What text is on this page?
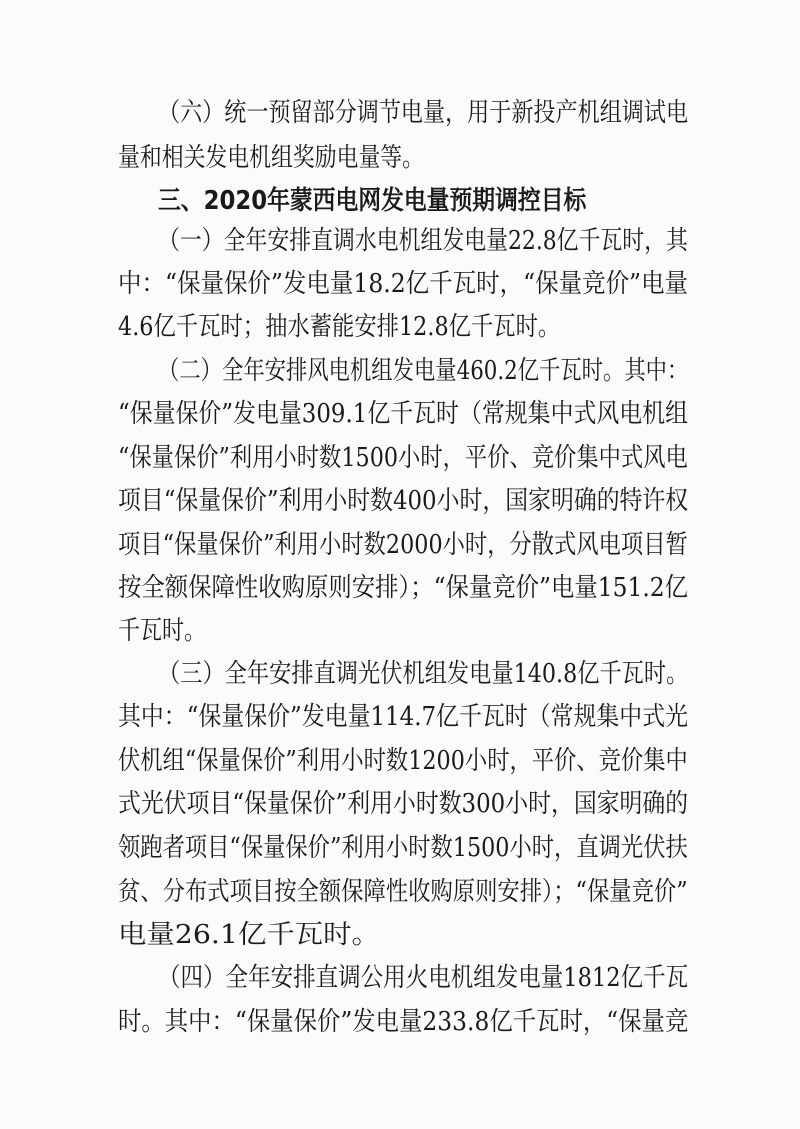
（六）统一预留部分调节电量，用于新投产机组调试电
量和相关发电机组奖励电量等。
三、2020年蒙西电网发电量预期调控目标
（一）全年安排直调水电机组发电量22.8亿千瓦时，其
中：“保量保价”发电量18.2亿千瓦时，“保量竞价”电量
4.6亿千瓦时；抽水蓄能安排12.8亿千瓦时。
（二）全年安排风电机组发电量460.2亿千瓦时。其中：
“保量保价”发电量309.1亿千瓦时（常规集中式风电机组
“保量保价”利用小时数1500小时，平价、竞价集中式风电
项目“保量保价”利用小时数400小时，国家明确的特许权
项目“保量保价”利用小时数2000小时，分散式风电项目暂
按全额保障性收购原则安排）；“保量竞价”电量151.2亿
千瓦时。
（三）全年安排直调光伏机组发电量140.8亿千瓦时。
其中：“保量保价”发电量114.7亿千瓦时（常规集中式光
伏机组“保量保价”利用小时数1200小时，平价、竞价集中
式光伏项目“保量保价”利用小时数300小时，国家明确的
领跑者项目“保量保价”利用小时数1500小时，直调光伏扶
贫、分布式项目按全额保障性收购原则安排）；“保量竞价”
电量26.1亿千瓦时。
（四）全年安排直调公用火电机组发电量1812亿千瓦
时。其中：“保量保价”发电量233.8亿千瓦时，“保量竞
